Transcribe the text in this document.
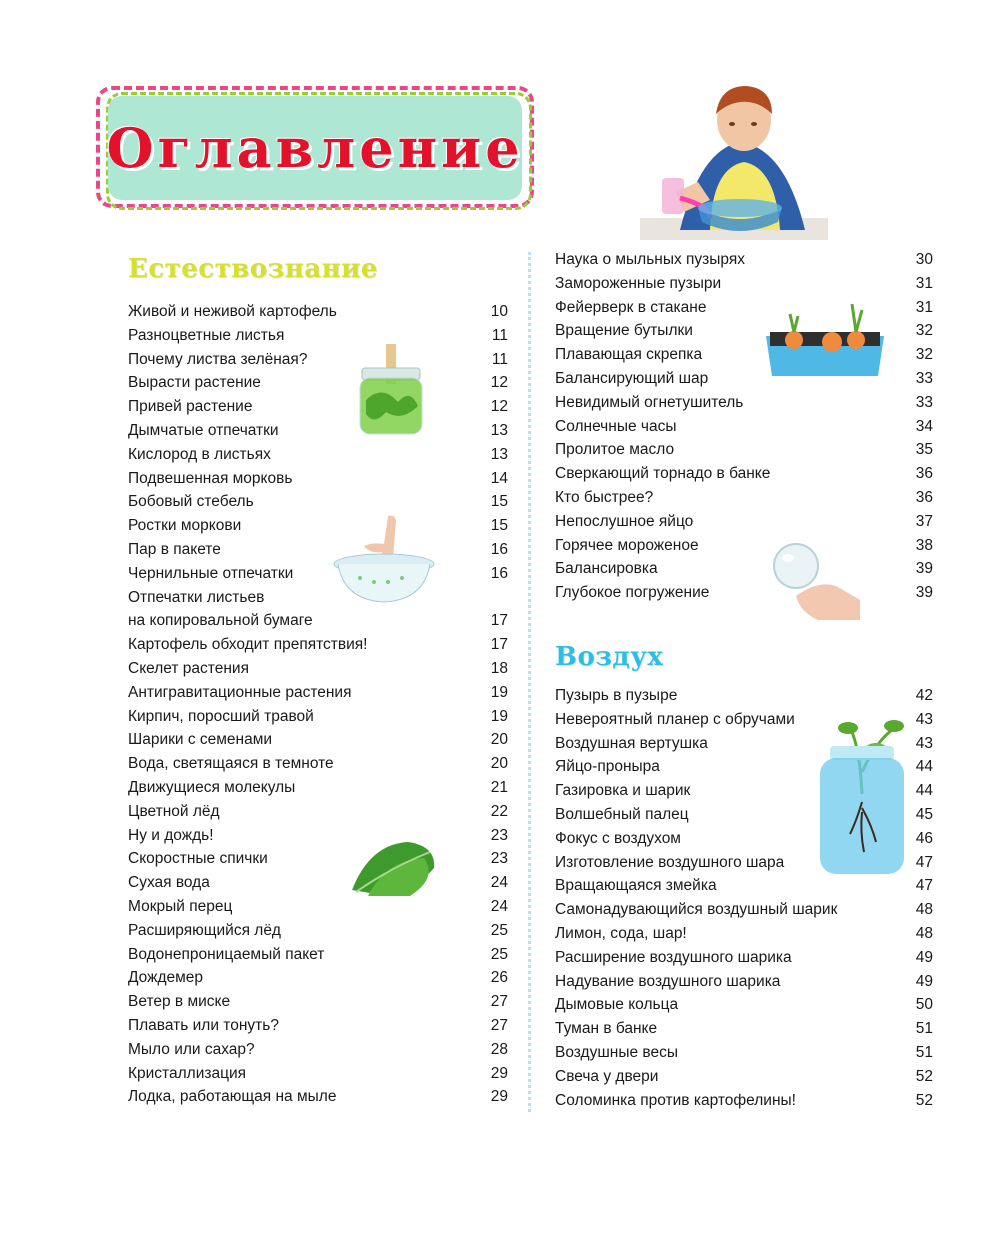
Оглавление
Естествознание
Живой и неживой картофель	10
Разноцветные листья	11
Почему листва зелёная?	11
Вырасти растение	12
Привей растение	12
Дымчатые отпечатки	13
Кислород в листьях	13
Подвешенная морковь	14
Бобовый стебель	15
Ростки моркови	15
Пар в пакете	16
Чернильные отпечатки	16
Отпечатки листьев
на копировальной бумаге	17
Картофель обходит препятствия!	17
Скелет растения	18
Антигравитационные растения	19
Кирпич, поросший травой	19
Шарики с семенами	20
Вода, светящаяся в темноте	20
Движущиеся молекулы	21
Цветной лёд	22
Ну и дождь!	23
Скоростные спички	23
Сухая вода	24
Мокрый перец	24
Расширяющийся лёд	25
Водонепроницаемый пакет	25
Дождемер	26
Ветер в миске	27
Плавать или тонуть?	27
Мыло или сахар?	28
Кристаллизация	29
Лодка, работающая на мыле	29
Наука о мыльных пузырях	30
Замороженные пузыри	31
Фейерверк в стакане	31
Вращение бутылки	32
Плавающая скрепка	32
Балансирующий шар	33
Невидимый огнетушитель	33
Солнечные часы	34
Пролитое масло	35
Сверкающий торнадо в банке	36
Кто быстрее?	36
Непослушное яйцо	37
Горячее мороженое	38
Балансировка	39
Глубокое погружение	39
Воздух
Пузырь в пузыре	42
Невероятный планер с обручами	43
Воздушная вертушка	43
Яйцо-проныра	44
Газировка и шарик	44
Волшебный палец	45
Фокус с воздухом	46
Изготовление воздушного шара	47
Вращающаяся змейка	47
Самонадувающийся воздушный шарик	48
Лимон, сода, шар!	48
Расширение воздушного шарика	49
Надувание воздушного шарика	49
Дымовые кольца	50
Туман в банке	51
Воздушные весы	51
Свеча у двери	52
Соломинка против картофелины!	52
